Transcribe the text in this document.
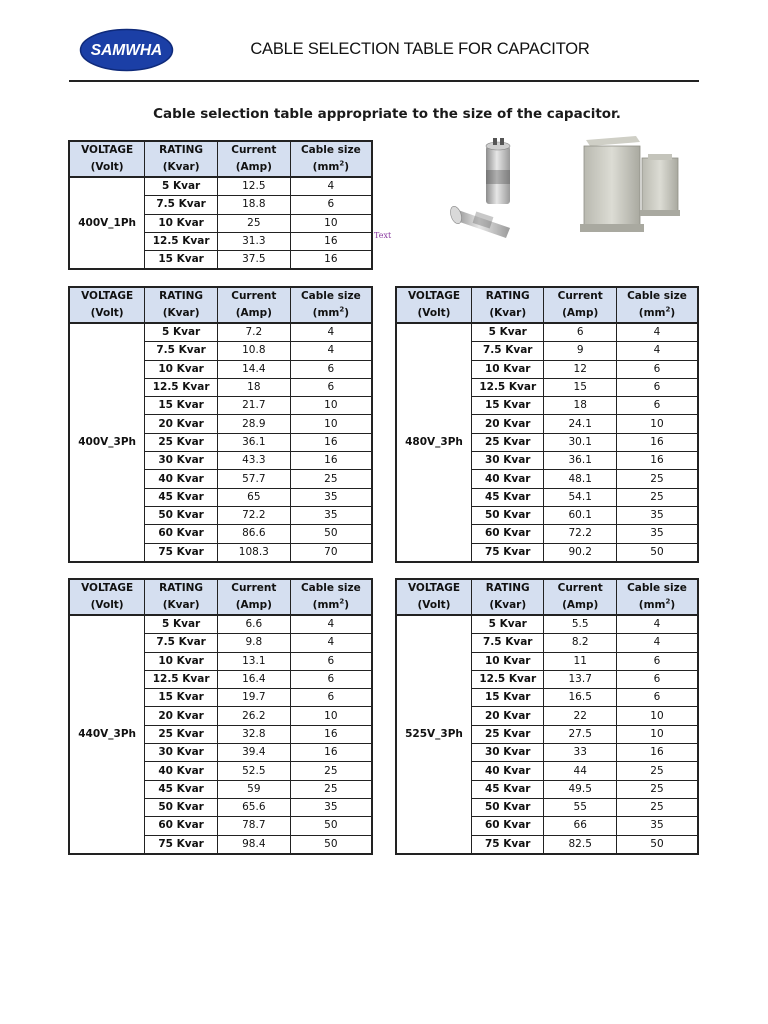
SAMWHA	CABLE SELECTION TABLE FOR CAPACITOR
Cable selection table appropriate to the size of the capacitor.
Text
VOLTAGE	RATING	Current	Cable size
(Volt)	(Kvar)	(Amp)	$(mm^2)$
400V_1Ph	5 Kvar	12.5	4
	7.5 Kvar	18.8	6
	10 Kvar	25	10
	12.5 Kvar	31.3	16
	15 Kvar	37.5	16
VOLTAGE	RATING	Current	Cable size
(Volt)	(Kvar)	(Amp)	$(mm^2)$
400V_3Ph	5 Kvar	7.2	4
	7.5 Kvar	10.8	4
	10 Kvar	14.4	6
	12.5 Kvar	18	6
	15 Kvar	21.7	10
	20 Kvar	28.9	10
	25 Kvar	36.1	16
	30 Kvar	43.3	16
	40 Kvar	57.7	25
	45 Kvar	65	35
	50 Kvar	72.2	35
	60 Kvar	86.6	50
	75 Kvar	108.3	70
VOLTAGE	RATING	Current	Cable size
(Volt)	(Kvar)	(Amp)	$(mm^2)$
480V_3Ph	5 Kvar	6	4
	7.5 Kvar	9	4
	10 Kvar	12	6
	12.5 Kvar	15	6
	15 Kvar	18	6
	20 Kvar	24.1	10
	25 Kvar	30.1	16
	30 Kvar	36.1	16
	40 Kvar	48.1	25
	45 Kvar	54.1	25
	50 Kvar	60.1	35
	60 Kvar	72.2	35
	75 Kvar	90.2	50
VOLTAGE	RATING	Current	Cable size
(Volt)	(Kvar)	(Amp)	$(mm^2)$
440V_3Ph	5 Kvar	6.6	4
	7.5 Kvar	9.8	4
	10 Kvar	13.1	6
	12.5 Kvar	16.4	6
	15 Kvar	19.7	6
	20 Kvar	26.2	10
	25 Kvar	32.8	16
	30 Kvar	39.4	16
	40 Kvar	52.5	25
	45 Kvar	59	25
	50 Kvar	65.6	35
	60 Kvar	78.7	50
	75 Kvar	98.4	50
VOLTAGE	RATING	Current	Cable size
(Volt)	(Kvar)	(Amp)	$(mm^2)$
525V_3Ph	5 Kvar	5.5	4
	7.5 Kvar	8.2	4
	10 Kvar	11	6
	12.5 Kvar	13.7	6
	15 Kvar	16.5	6
	20 Kvar	22	10
	25 Kvar	27.5	10
	30 Kvar	33	16
	40 Kvar	44	25
	45 Kvar	49.5	25
	50 Kvar	55	25
	60 Kvar	66	35
	75 Kvar	82.5	50
